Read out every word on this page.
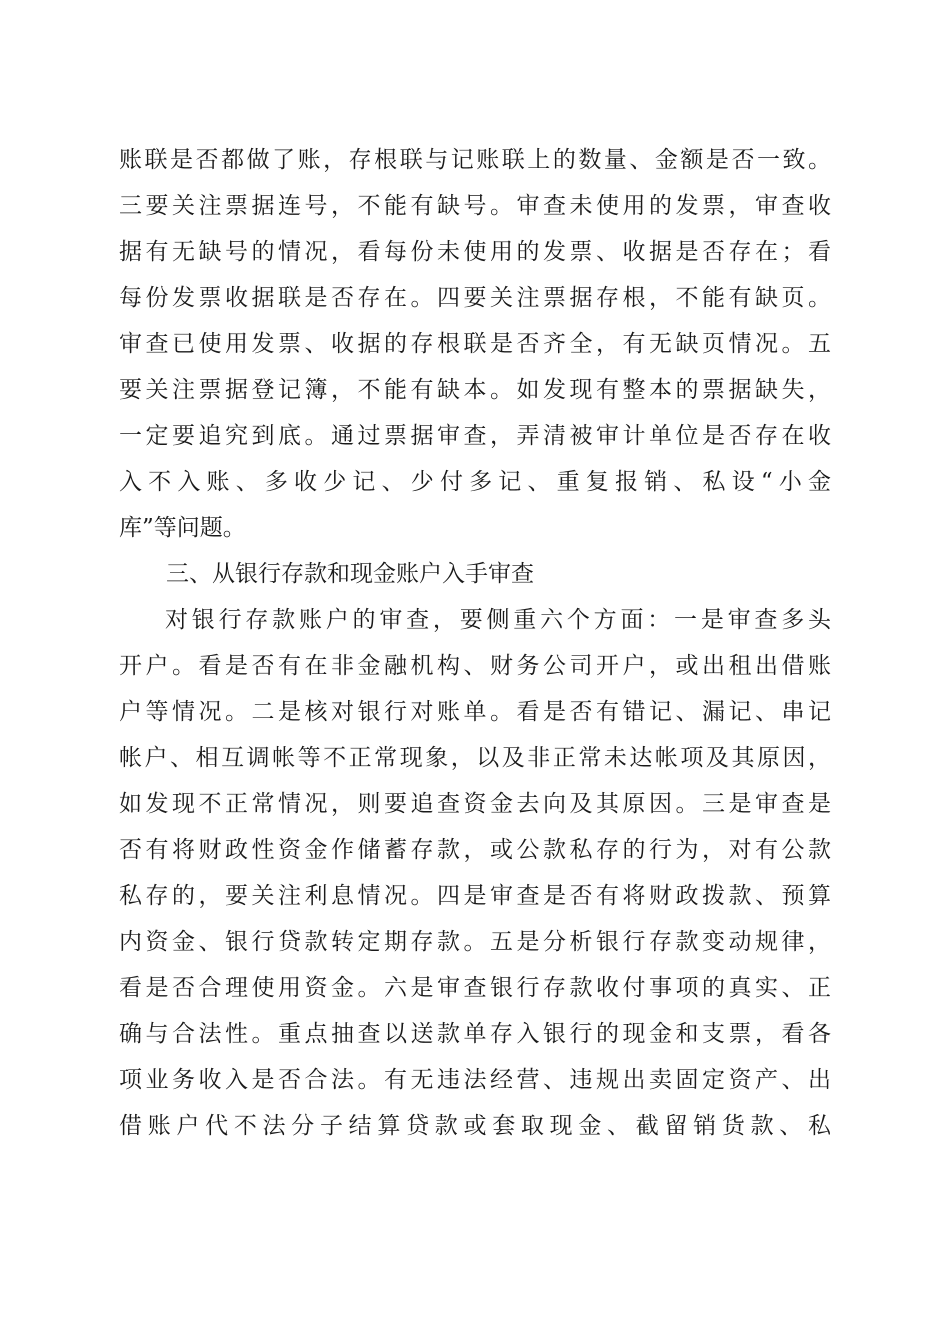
账联是否都做了账，存根联与记账联上的数量、金额是否一致。
三要关注票据连号，不能有缺号。审查未使用的发票，审查收
据有无缺号的情况，看每份未使用的发票、收据是否存在；看
每份发票收据联是否存在。四要关注票据存根，不能有缺页。
审查已使用发票、收据的存根联是否齐全，有无缺页情况。五
要关注票据登记簿，不能有缺本。如发现有整本的票据缺失，
一定要追究到底。通过票据审查，弄清被审计单位是否存在收
入不入账、多收少记、少付多记、重复报销、私设“小金
库”等问题。
三、从银行存款和现金账户入手审查
对银行存款账户的审查，要侧重六个方面：一是审查多头
开户。看是否有在非金融机构、财务公司开户，或出租出借账
户等情况。二是核对银行对账单。看是否有错记、漏记、串记
帐户、相互调帐等不正常现象，以及非正常未达帐项及其原因，
如发现不正常情况，则要追查资金去向及其原因。三是审查是
否有将财政性资金作储蓄存款，或公款私存的行为，对有公款
私存的，要关注利息情况。四是审查是否有将财政拨款、预算
内资金、银行贷款转定期存款。五是分析银行存款变动规律，
看是否合理使用资金。六是审查银行存款收付事项的真实、正
确与合法性。重点抽查以送款单存入银行的现金和支票，看各
项业务收入是否合法。有无违法经营、违规出卖固定资产、出
借账户代不法分子结算贷款或套取现金、截留销货款、私
